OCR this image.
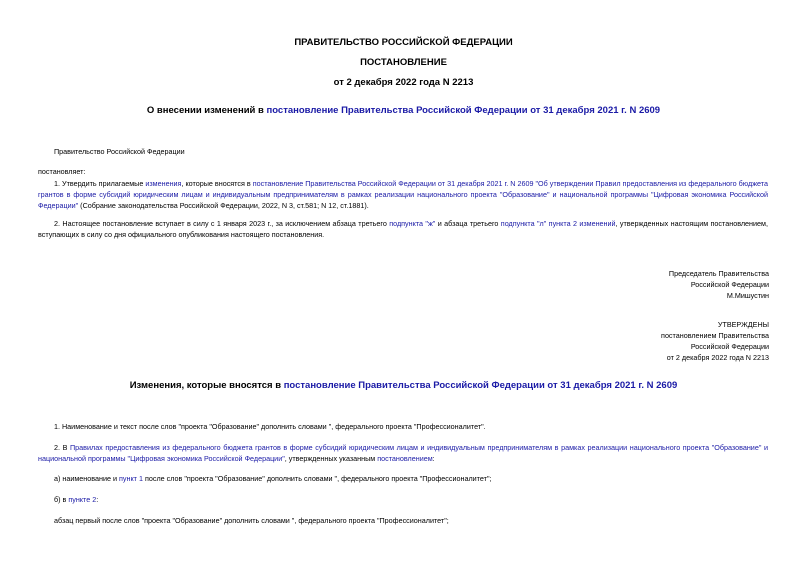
ПРАВИТЕЛЬСТВО РОССИЙСКОЙ ФЕДЕРАЦИИ
ПОСТАНОВЛЕНИЕ
от 2 декабря 2022 года N 2213
О внесении изменений в постановление Правительства Российской Федерации от 31 декабря 2021 г. N 2609
Правительство Российской Федерации
постановляет:
1. Утвердить прилагаемые изменения, которые вносятся в постановление Правительства Российской Федерации от 31 декабря 2021 г. N 2609 "Об утверждении Правил предоставления из федерального бюджета грантов в форме субсидий юридическим лицам и индивидуальным предпринимателям в рамках реализации национального проекта "Образование" и национальной программы "Цифровая экономика Российской Федерации" (Собрание законодательства Российской Федерации, 2022, N 3, ст.581; N 12, ст.1881).
2. Настоящее постановление вступает в силу с 1 января 2023 г., за исключением абзаца третьего подпункта "ж" и абзаца третьего подпункта "л" пункта 2 изменений, утвержденных настоящим постановлением, вступающих в силу со дня официального опубликования настоящего постановления.
Председатель Правительства
Российской Федерации
М.Мишустин
УТВЕРЖДЕНЫ
постановлением Правительства
Российской Федерации
от 2 декабря 2022 года N 2213
Изменения, которые вносятся в постановление Правительства Российской Федерации от 31 декабря 2021 г. N 2609
1. Наименование и текст после слов "проекта "Образование" дополнить словами ", федерального проекта "Профессионалитет".
2. В Правилах предоставления из федерального бюджета грантов в форме субсидий юридическим лицам и индивидуальным предпринимателям в рамках реализации национального проекта "Образование" и национальной программы "Цифровая экономика Российской Федерации", утвержденных указанным постановлением:
а) наименование и пункт 1 после слов "проекта "Образование" дополнить словами ", федерального проекта "Профессионалитет";
б) в пункте 2:
абзац первый после слов "проекта "Образование" дополнить словами ", федерального проекта "Профессионалитет";
